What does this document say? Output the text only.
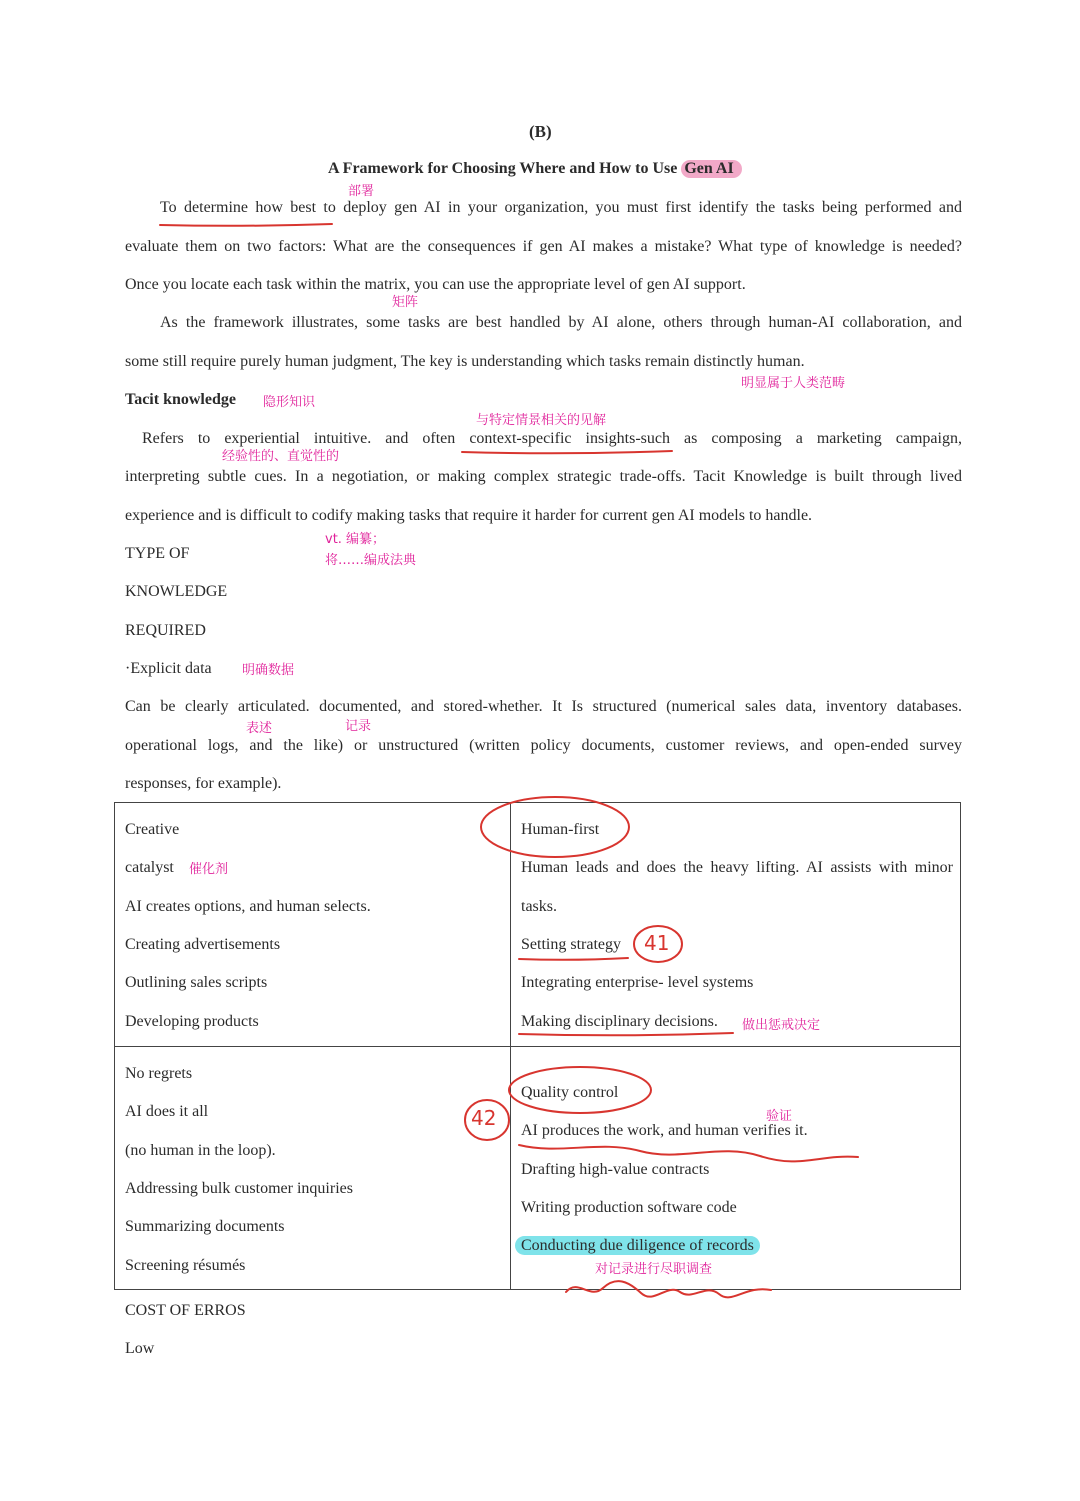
(B)
A Framework for Choosing Where and How to Use Gen AI
To determine how best to deploy gen AI in your organization, you must first identify the tasks being performed and
evaluate them on two factors: What are the consequences if gen AI makes a mistake? What type of knowledge is needed?
Once you locate each task within the matrix, you can use the appropriate level of gen AI support.
As the framework illustrates, some tasks are best handled by AI alone, others through human-AI collaboration, and
some still require purely human judgment, The key is understanding which tasks remain distinctly human.
Tacit knowledge
Refers to experiential intuitive. and often context-specific insights-such as composing a marketing campaign,
interpreting subtle cues. In a negotiation, or making complex strategic trade-offs. Tacit Knowledge is built through lived
experience and is difficult to codify making tasks that require it harder for current gen AI models to handle.
TYPE OF
KNOWLEDGE
REQUIRED
·Explicit data
Can be clearly articulated. documented, and stored-whether. It Is structured (numerical sales data, inventory databases.
operational logs, and the like) or unstructured (written policy documents, customer reviews, and open-ended survey
responses, for example).
Creative
catalyst
AI creates options, and human selects.
Creating advertisements
Outlining sales scripts
Developing products
Human-first
Human leads and does the heavy lifting. AI assists with minor
tasks.
Setting strategy
Integrating enterprise- level systems
Making disciplinary decisions.
No regrets
AI does it all
(no human in the loop).
Addressing bulk customer inquiries
Summarizing documents
Screening résumés
Quality control
AI produces the work, and human verifies it.
Drafting high-value contracts
Writing production software code
Conducting due diligence of records
COST OF ERROS
Low
部署
矩阵
明显属于人类范畴
隐形知识
与特定情景相关的见解
经验性的、直觉性的
vt. 编纂；
将……编成法典
明确数据
表述	记录
催化剂
做出惩戒决定
验证
对记录进行尽职调查
41
42
